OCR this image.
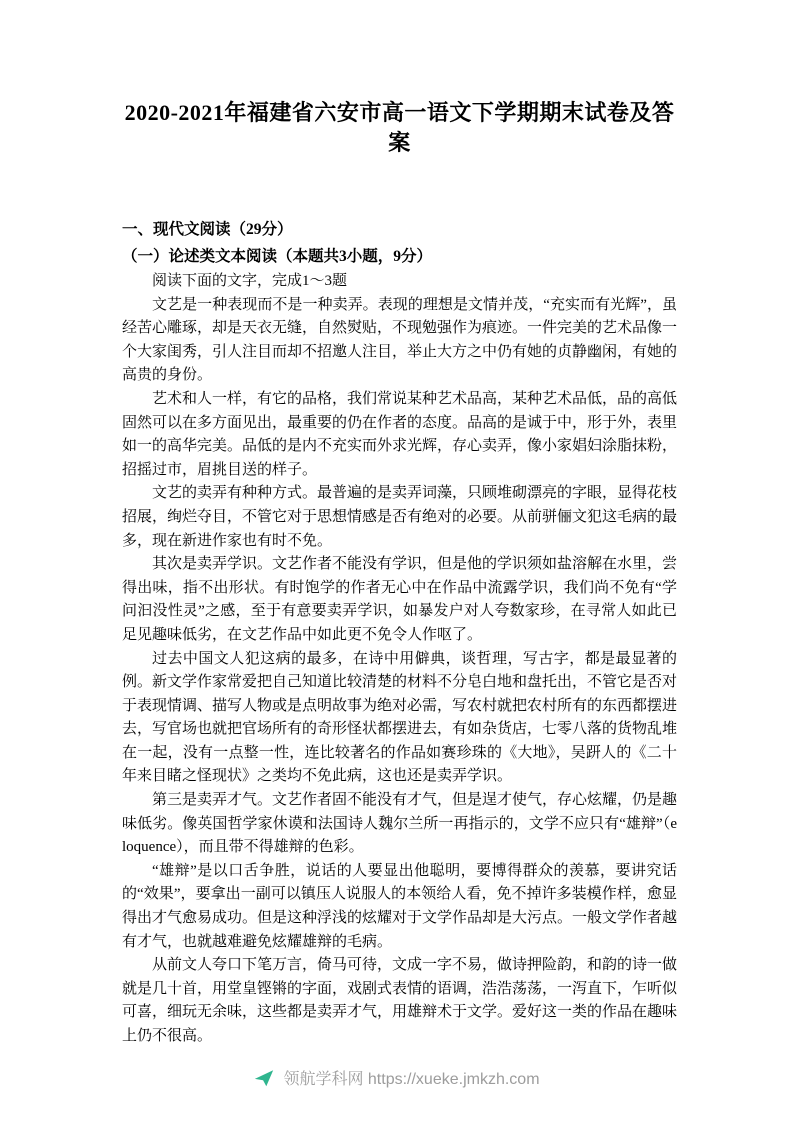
2020-2021年福建省六安市高一语文下学期期末试卷及答案
一、现代文阅读（29分）
（一）论述类文本阅读（本题共3小题，9分）

阅读下面的文字，完成1～3题

文艺是一种表现而不是一种卖弄。表现的理想是文情并茂，“充实而有光辉”，虽经苦心雕琢，却是天衣无缝，自然熨贴，不现勉强作为痕迹。一件完美的艺术品像一个大家闺秀，引人注目而却不招邀人注目，举止大方之中仍有她的贞静幽闲，有她的高贵的身份。

艺术和人一样，有它的品格，我们常说某种艺术品高，某种艺术品低，品的高低固然可以在多方面见出，最重要的仍在作者的态度。品高的是诚于中，形于外，表里如一的高华完美。品低的是内不充实而外求光辉，存心卖弄，像小家娼妇涂脂抹粉，招摇过市，眉挑目送的样子。

文艺的卖弄有种种方式。最普遍的是卖弄词藻，只顾堆砌漂亮的字眼，显得花枝招展，绚烂夺目，不管它对于思想情感是否有绝对的必要。从前骈俪文犯这毛病的最多，现在新进作家也有时不免。

其次是卖弄学识。文艺作者不能没有学识，但是他的学识须如盐溶解在水里，尝得出味，指不出形状。有时饱学的作者无心中在作品中流露学识，我们尚不免有“学问汩没性灵”之感，至于有意要卖弄学识，如暴发户对人夸数家珍，在寻常人如此已足见趣味低劣，在文艺作品中如此更不免令人作呕了。

过去中国文人犯这病的最多，在诗中用僻典，谈哲理，写古字，都是最显著的例。新文学作家常爱把自己知道比较清楚的材料不分皂白地和盘托出，不管它是否对于表现情调、描写人物或是点明故事为绝对必需，写农村就把农村所有的东西都摆进去，写官场也就把官场所有的奇形怪状都摆进去，有如杂货店，七零八落的货物乱堆在一起，没有一点整一性，连比较著名的作品如赛珍珠的《大地》，吴趼人的《二十年来目睹之怪现状》之类均不免此病，这也还是卖弄学识。

第三是卖弄才气。文艺作者固不能没有才气，但是逞才使气，存心炫耀，仍是趣味低劣。像英国哲学家休谟和法国诗人魏尔兰所一再指示的，文学不应只有“雄辩”（eloquence），而且带不得雄辩的色彩。

“雄辩”是以口舌争胜，说话的人要显出他聪明，要博得群众的羡慕，要讲究话的“效果”，要拿出一副可以镇压人说服人的本领给人看，免不掉许多装模作样，愈显得出才气愈易成功。但是这种浮浅的炫耀对于文学作品却是大污点。一般文学作者越有才气，也就越难避免炫耀雄辩的毛病。

从前文人夸口下笔万言，倚马可待，文成一字不易，做诗押险韵，和韵的诗一做就是几十首，用堂皇铿锵的字面，戏剧式表情的语调，浩浩荡荡，一泻直下，乍听似可喜，细玩无余味，这些都是卖弄才气，用雄辩术于文学。爱好这一类的作品在趣味上仍不很高。

领航学科网 https://xueke.jmkzh.com
